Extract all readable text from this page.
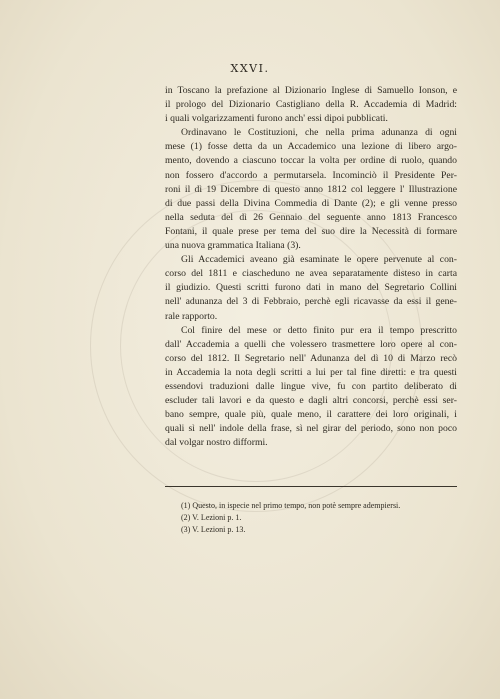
XXVI.
in Toscano la prefazione al Dizionario Inglese di Samuello Ionson, e
il prologo del Dizionario Castigliano della R. Accademia di Madrid:
i quali volgarizzamenti furono anch' essi dipoi pubblicati.
Ordinavano le Costituzioni, che nella prima adunanza di ogni
mese (1) fosse detta da un Accademico una lezione di libero argo-
mento, dovendo a ciascuno toccar la volta per ordine di ruolo, quando
non fossero d'accordo a permutarsela. Incominciò il Presidente Per-
roni il dì 19 Dicembre di questo anno 1812 col leggere l' Illustrazione
di due passi della Divina Commedia di Dante (2); e gli venne presso
nella seduta del dì 26 Gennaio del seguente anno 1813 Francesco
Fontani, il quale prese per tema del suo dire la Necessità di formare
una nuova grammatica Italiana (3).
Gli Accademici aveano già esaminate le opere pervenute al con-
corso del 1811 e ciascheduno ne avea separatamente disteso in carta
il giudizio. Questi scritti furono dati in mano del Segretario Collini
nell' adunanza del 3 di Febbraio, perchè egli ricavasse da essi il gene-
rale rapporto.
Col finire del mese or detto finito pur era il tempo prescritto
dall' Accademia a quelli che volessero trasmettere loro opere al con-
corso del 1812. Il Segretario nell' Adunanza del dì 10 di Marzo recò
in Accademia la nota degli scritti a lui per tal fine diretti: e tra questi
essendovi traduzioni dalle lingue vive, fu con partito deliberato di
escluder tali lavori e da questo e dagli altri concorsi, perchè essi ser-
bano sempre, quale più, quale meno, il carattere dei loro originali, i
quali sì nell' indole della frase, sì nel girar del periodo, sono non poco
dal volgar nostro difformi.
(1) Questo, in ispecie nel primo tempo, non potè sempre adempiersi.
(2) V. Lezioni p. 1.
(3) V. Lezioni p. 13.
